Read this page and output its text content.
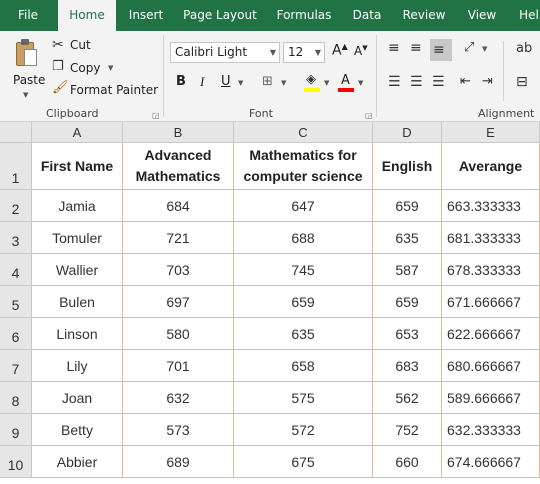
File	Home	Insert	Page Layout	Formulas	Data	Review	View	Hel
Paste
▼
✂ Cut
❐ Copy ▼
🖌 Format Painter
Clipboard	◲
Calibri Light	▼	12 ▼ A▲ A▼
B I U ▼ ⊞ ▼ ◈ ▼ A ▼
Font	◲
≡ ≡ ≡	⤢ ▼
☰ ☰ ☰ ⇤ ⇥
ab
⊟
Alignment
A	B	C	D	E
1
2
3
4
5
6
7
8
9
10
First Name
Advanced Mathematics
Mathematics for computer science
English	Averange
Jamia	684	647	659	663.333333
Tomuler	721	688	635	681.333333
Wallier	703	745	587	678.333333
Bulen	697	659	659	671.666667
Linson	580	635	653	622.666667
Lily	701	658	683	680.666667
Joan	632	575	562	589.666667
Betty	573	572	752	632.333333
Abbier	689	675	660	674.666667
